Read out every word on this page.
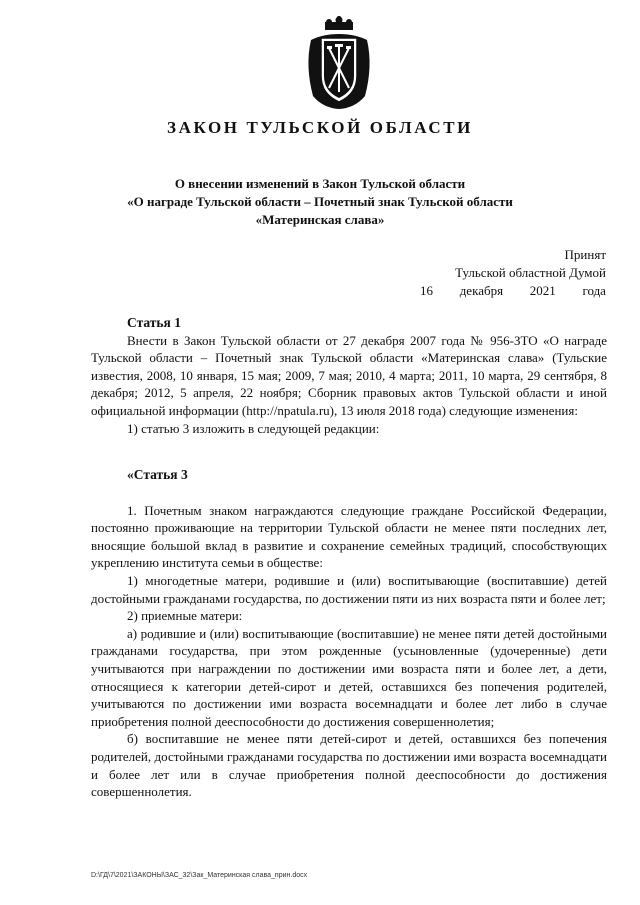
ЗАКОН ТУЛЬСКОЙ ОБЛАСТИ
О внесении изменений в Закон Тульской области
«О награде Тульской области – Почетный знак Тульской области
«Материнская слава»
Принят
Тульской областной Думой
16 декабря 2021 года
Статья 1

Внести в Закон Тульской области от 27 декабря 2007 года № 956-ЗТО «О награде Тульской области – Почетный знак Тульской области «Материнская слава» (Тульские известия, 2008, 10 января, 15 мая; 2009, 7 мая; 2010, 4 марта; 2011, 10 марта, 29 сентября, 8 декабря; 2012, 5 апреля, 22 ноября; Сборник правовых актов Тульской области и иной официальной информации (http://npatula.ru), 13 июля 2018 года) следующие изменения:

1) статью 3 изложить в следующей редакции:

«Статья 3

1. Почетным знаком награждаются следующие граждане Российской Федерации, постоянно проживающие на территории Тульской области не менее пяти последних лет, вносящие большой вклад в развитие и сохранение семейных традиций, способствующих укреплению института семьи в обществе:

1) многодетные матери, родившие и (или) воспитывающие (воспитавшие) детей достойными гражданами государства, по достижении пяти из них возраста пяти и более лет;

2) приемные матери:

а) родившие и (или) воспитывающие (воспитавшие) не менее пяти детей достойными гражданами государства, при этом рожденные (усыновленные (удочеренные) дети учитываются при награждении по достижении ими возраста пяти и более лет, а дети, относящиеся к категории детей-сирот и детей, оставшихся без попечения родителей, учитываются по достижении ими возраста восемнадцати и более лет либо в случае приобретения полной дееспособности до достижения совершеннолетия;

б) воспитавшие не менее пяти детей-сирот и детей, оставшихся без попечения родителей, достойными гражданами государства по достижении ими возраста восемнадцати и более лет или в случае приобретения полной дееспособности до достижения совершеннолетия.

D:\ГД\7\2021\ЗАКОНЫ\ЗАС_32\Зак_Материнская слава_прин.docx
